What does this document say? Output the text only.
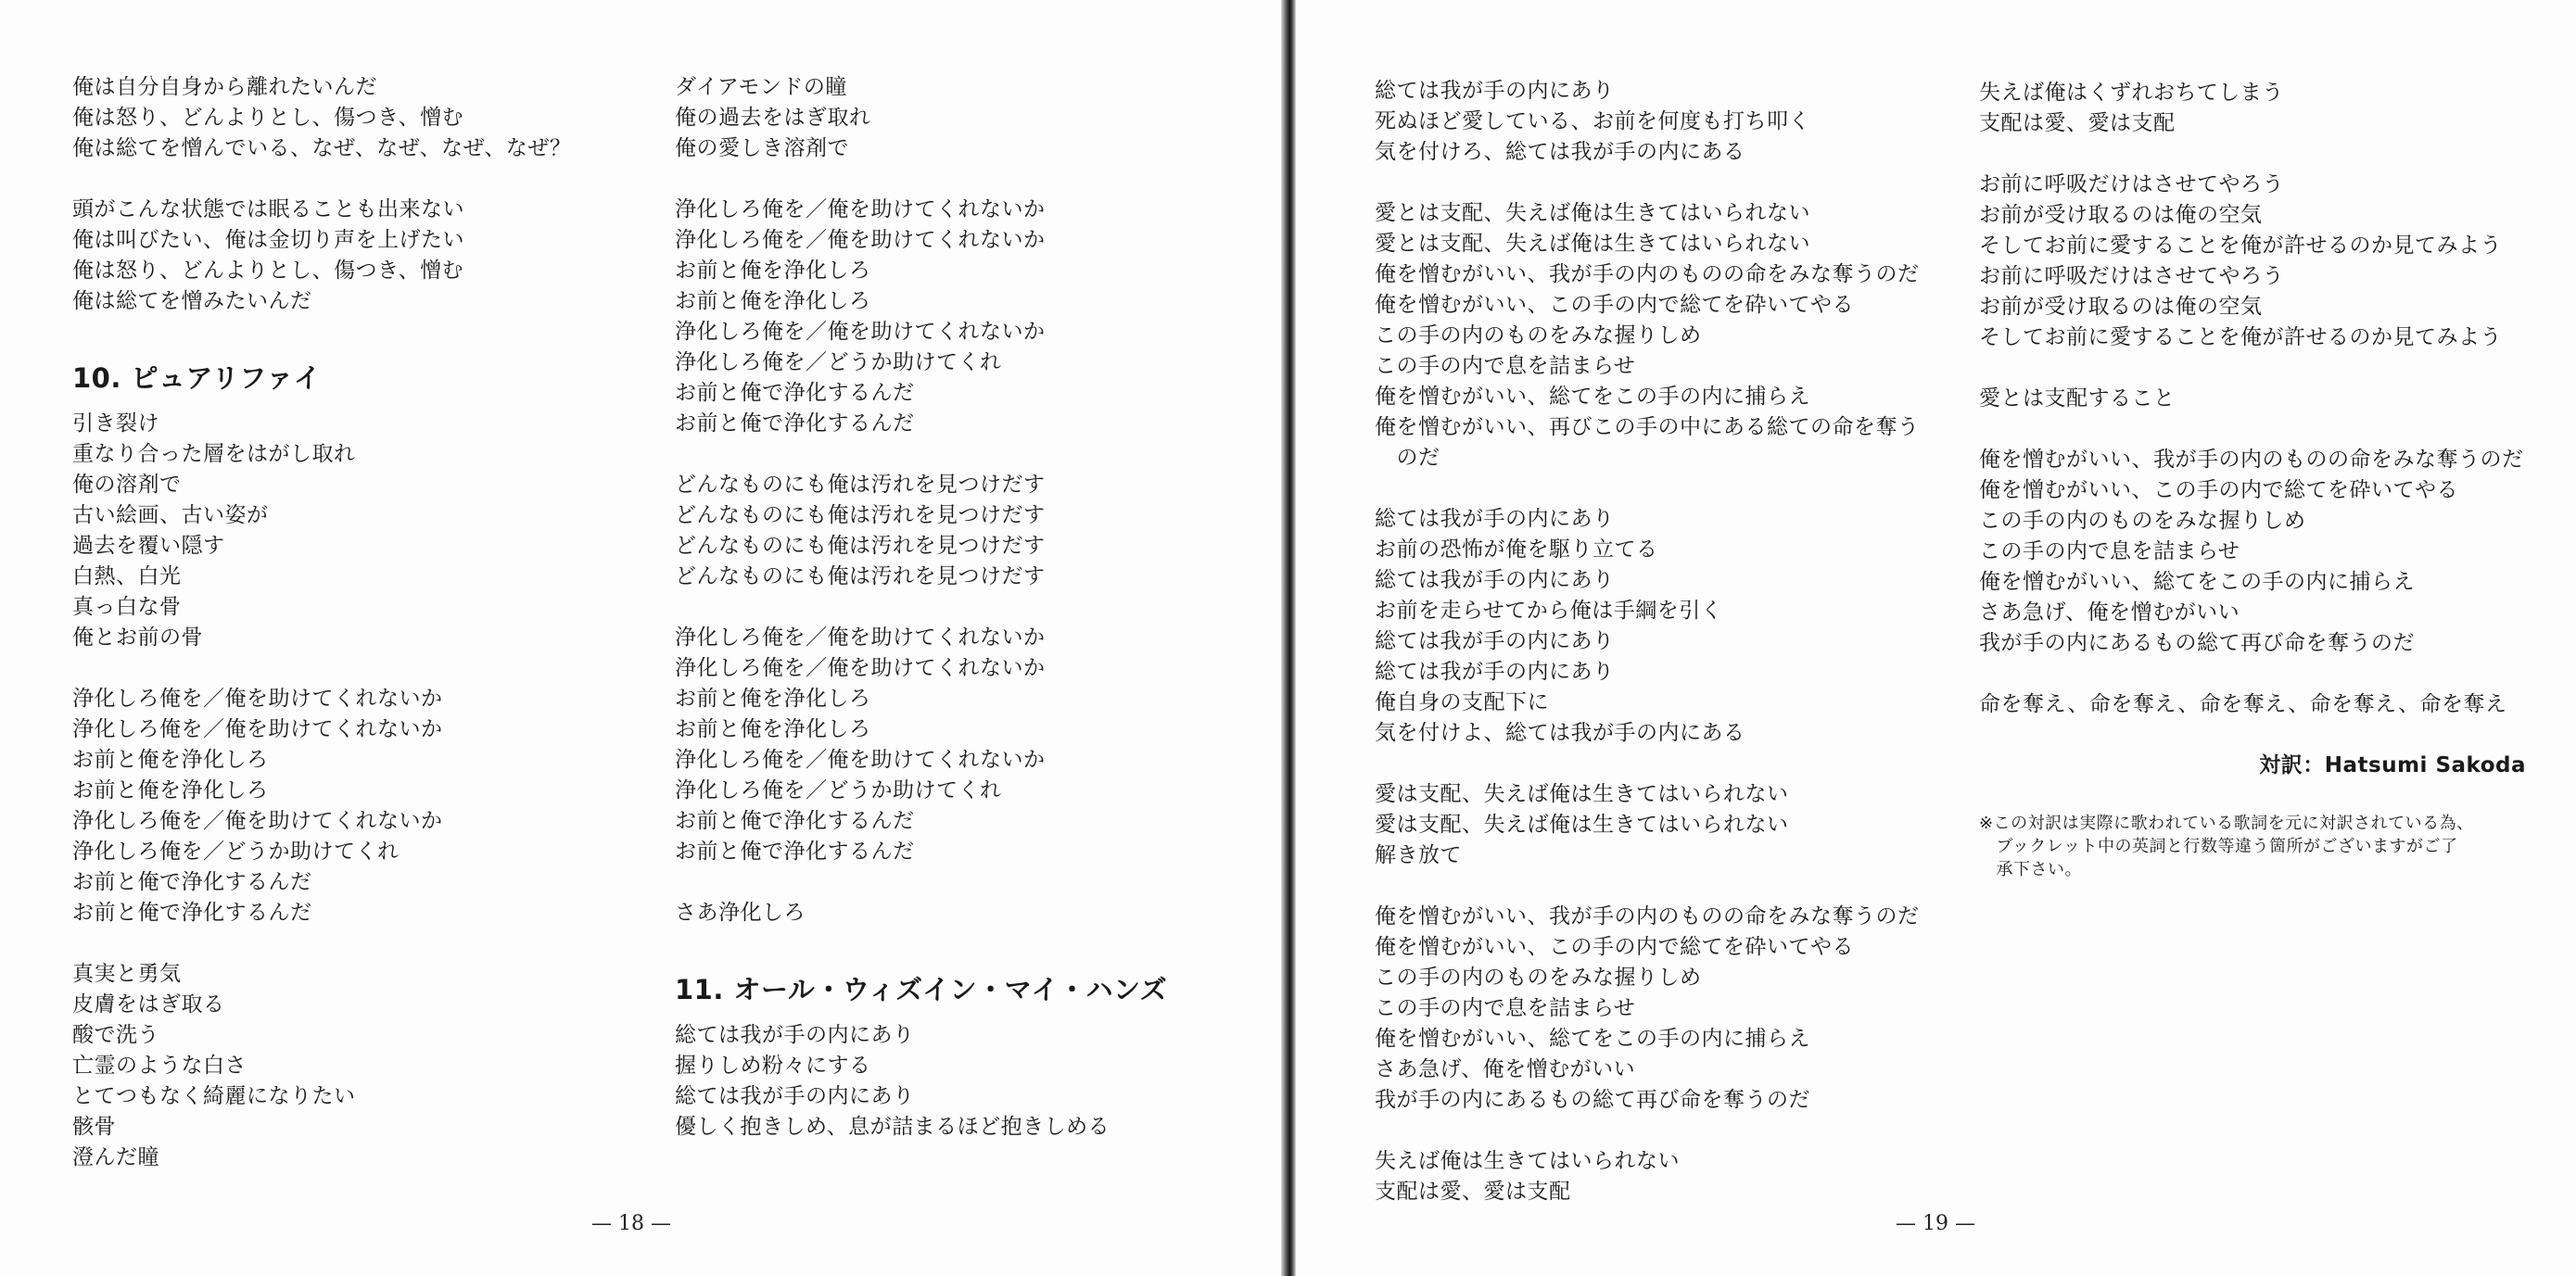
俺は自分自身から離れたいんだ
俺は怒り、どんよりとし、傷つき、憎む
俺は総てを憎んでいる、なぜ、なぜ、なぜ、なぜ？
頭がこんな状態では眠ることも出来ない
俺は叫びたい、俺は金切り声を上げたい
俺は怒り、どんよりとし、傷つき、憎む
俺は総てを憎みたいんだ
10. ピュアリファイ
引き裂け
重なり合った層をはがし取れ
俺の溶剤で
古い絵画、古い姿が
過去を覆い隠す
白熱、白光
真っ白な骨
俺とお前の骨
浄化しろ俺を／俺を助けてくれないか
浄化しろ俺を／俺を助けてくれないか
お前と俺を浄化しろ
お前と俺を浄化しろ
浄化しろ俺を／俺を助けてくれないか
浄化しろ俺を／どうか助けてくれ
お前と俺で浄化するんだ
お前と俺で浄化するんだ
真実と勇気
皮膚をはぎ取る
酸で洗う
亡霊のような白さ
とてつもなく綺麗になりたい
骸骨
澄んだ瞳
ダイアモンドの瞳
俺の過去をはぎ取れ
俺の愛しき溶剤で
浄化しろ俺を／俺を助けてくれないか
浄化しろ俺を／俺を助けてくれないか
お前と俺を浄化しろ
お前と俺を浄化しろ
浄化しろ俺を／俺を助けてくれないか
浄化しろ俺を／どうか助けてくれ
お前と俺で浄化するんだ
お前と俺で浄化するんだ
どんなものにも俺は汚れを見つけだす
どんなものにも俺は汚れを見つけだす
どんなものにも俺は汚れを見つけだす
どんなものにも俺は汚れを見つけだす
浄化しろ俺を／俺を助けてくれないか
浄化しろ俺を／俺を助けてくれないか
お前と俺を浄化しろ
お前と俺を浄化しろ
浄化しろ俺を／俺を助けてくれないか
浄化しろ俺を／どうか助けてくれ
お前と俺で浄化するんだ
お前と俺で浄化するんだ
さあ浄化しろ
11. オール・ウィズイン・マイ・ハンズ
総ては我が手の内にあり
握りしめ粉々にする
総ては我が手の内にあり
優しく抱きしめ、息が詰まるほど抱きしめる
総ては我が手の内にあり
死ぬほど愛している、お前を何度も打ち叩く
気を付けろ、総ては我が手の内にある
愛とは支配、失えば俺は生きてはいられない
愛とは支配、失えば俺は生きてはいられない
俺を憎むがいい、我が手の内のものの命をみな奪うのだ
俺を憎むがいい、この手の内で総てを砕いてやる
この手の内のものをみな握りしめ
この手の内で息を詰まらせ
俺を憎むがいい、総てをこの手の内に捕らえ
俺を憎むがいい、再びこの手の中にある総ての命を奪う
　のだ
総ては我が手の内にあり
お前の恐怖が俺を駆り立てる
総ては我が手の内にあり
お前を走らせてから俺は手綱を引く
総ては我が手の内にあり
総ては我が手の内にあり
俺自身の支配下に
気を付けよ、総ては我が手の内にある
愛は支配、失えば俺は生きてはいられない
愛は支配、失えば俺は生きてはいられない
解き放て
俺を憎むがいい、我が手の内のものの命をみな奪うのだ
俺を憎むがいい、この手の内で総てを砕いてやる
この手の内のものをみな握りしめ
この手の内で息を詰まらせ
俺を憎むがいい、総てをこの手の内に捕らえ
さあ急げ、俺を憎むがいい
我が手の内にあるもの総て再び命を奪うのだ
失えば俺は生きてはいられない
支配は愛、愛は支配
失えば俺はくずれおちてしまう
支配は愛、愛は支配
お前に呼吸だけはさせてやろう
お前が受け取るのは俺の空気
そしてお前に愛することを俺が許せるのか見てみよう
お前に呼吸だけはさせてやろう
お前が受け取るのは俺の空気
そしてお前に愛することを俺が許せるのか見てみよう
愛とは支配すること
俺を憎むがいい、我が手の内のものの命をみな奪うのだ
俺を憎むがいい、この手の内で総てを砕いてやる
この手の内のものをみな握りしめ
この手の内で息を詰まらせ
俺を憎むがいい、総てをこの手の内に捕らえ
さあ急げ、俺を憎むがいい
我が手の内にあるもの総て再び命を奪うのだ
命を奪え、命を奪え、命を奪え、命を奪え、命を奪え
対訳：Hatsumi Sakoda
※この対訳は実際に歌われている歌詞を元に対訳されている為、
　ブックレット中の英詞と行数等違う箇所がございますがご了
　承下さい。
— 18 —	— 19 —
